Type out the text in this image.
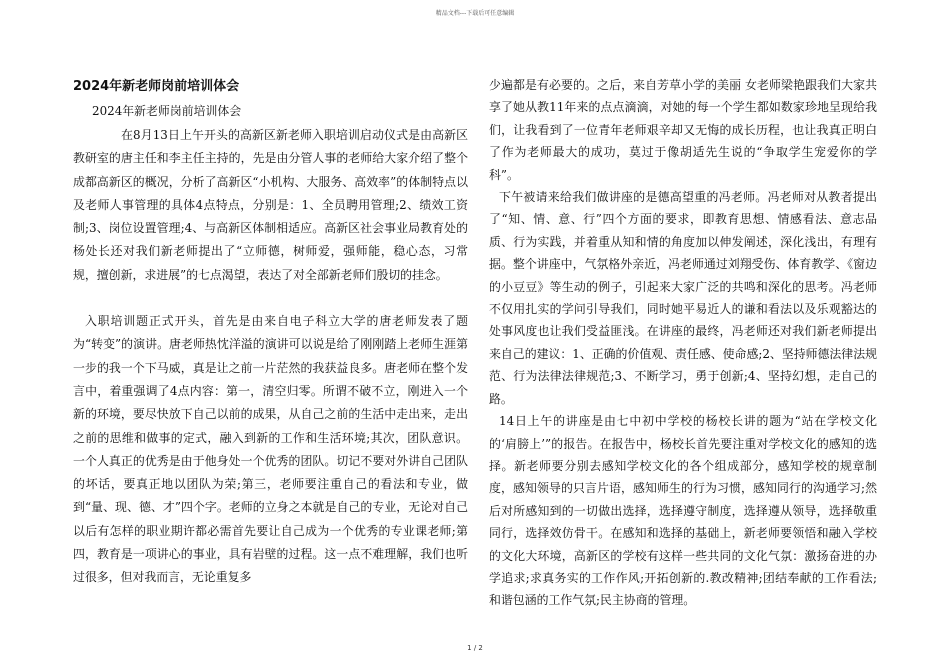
精品文档---下载后可任意编辑
2024年新老师岗前培训体会
2024年新老师岗前培训体会

在8月13日上午开头的高新区新老师入职培训启动仪式是由高新区教研室的唐主任和李主任主持的，先是由分管人事的老师给大家介绍了整个成都高新区的概况，分析了高新区“小机构、大服务、高效率”的体制特点以及老师人事管理的具体4点特点，分别是：1、全员聘用管理;2、绩效工资制;3、岗位设置管理;4、与高新区体制相适应。高新区社会事业局教育处的杨处长还对我们新老师提出了“立师德，树师爱，强师能，稳心态，习常规，擅创新，求进展”的七点渴望，表达了对全部新老师们殷切的挂念。

入职培训题正式开头，首先是由来自电子科立大学的唐老师发表了题为“转变”的演讲。唐老师热忱洋溢的演讲可以说是给了刚刚踏上老师生涯第一步的我一个下马威，真是让之前一片茫然的我获益良多。唐老师在整个发言中，着重强调了4点内容：第一，清空归零。所谓不破不立，刚进入一个新的环境，要尽快放下自己以前的成果，从自己之前的生活中走出来，走出之前的思维和做事的定式，融入到新的工作和生活环境;其次，团队意识。一个人真正的优秀是由于他身处一个优秀的团队。切记不要对外讲自己团队的坏话，要真正地以团队为荣;第三，老师要注重自己的看法和专业，做到“量、现、德、才”四个字。老师的立身之本就是自己的专业，无论对自己以后有怎样的职业期许都必需首先要让自己成为一个优秀的专业课老师;第四，教育是一项讲心的事业，具有岩壁的过程。这一点不难理解，我们也听过很多，但对我而言，无论重复多

少遍都是有必要的。之后，来自芳草小学的美丽 女老师梁艳跟我们大家共享了她从教11年来的点点滴滴，对她的每一个学生都如数家珍地呈现给我们，让我看到了一位青年老师艰辛却又无悔的成长历程，也让我真正明白了作为老师最大的成功，莫过于像胡适先生说的“争取学生宠爱你的学科”。

下午被请来给我们做讲座的是德高望重的冯老师。冯老师对从教者提出了“知、情、意、行”四个方面的要求，即教育思想、情感看法、意志品质、行为实践，并着重从知和情的角度加以伸发阐述，深化浅出，有理有据。整个讲座中，气氛格外亲近，冯老师通过刘翔受伤、体育教学、《窗边的小豆豆》等生动的例子，引起来大家广泛的共鸣和深化的思考。冯老师不仅用扎实的学问引导我们，同时她平易近人的谦和看法以及乐观豁达的处事风度也让我们受益匪浅。在讲座的最终，冯老师还对我们新老师提出来自己的建议：1、正确的价值观、责任感、使命感;2、坚持师德法律法规范、行为法律法律规范;3、不断学习，勇于创新;4、坚持幻想，走自己的路。

14日上午的讲座是由七中初中学校的杨校长讲的题为“站在学校文化的‘肩膀上’”的报告。在报告中，杨校长首先要注重对学校文化的感知的选择。新老师要分别去感知学校文化的各个组成部分，感知学校的规章制度，感知领导的只言片语，感知师生的行为习惯，感知同行的沟通学习;然后对所感知到的一切做出选择，选择遵守制度，选择遵从领导，选择敬重同行，选择效仿骨干。在感知和选择的基础上，新老师要领悟和融入学校的文化大环境，高新区的学校有这样一些共同的文化气氛：激扬奋进的办学追求;求真务实的工作作风;开拓创新的.教改精神;团结奉献的工作看法;和谐包涵的工作气氛;民主协商的管理。

1 / 2
